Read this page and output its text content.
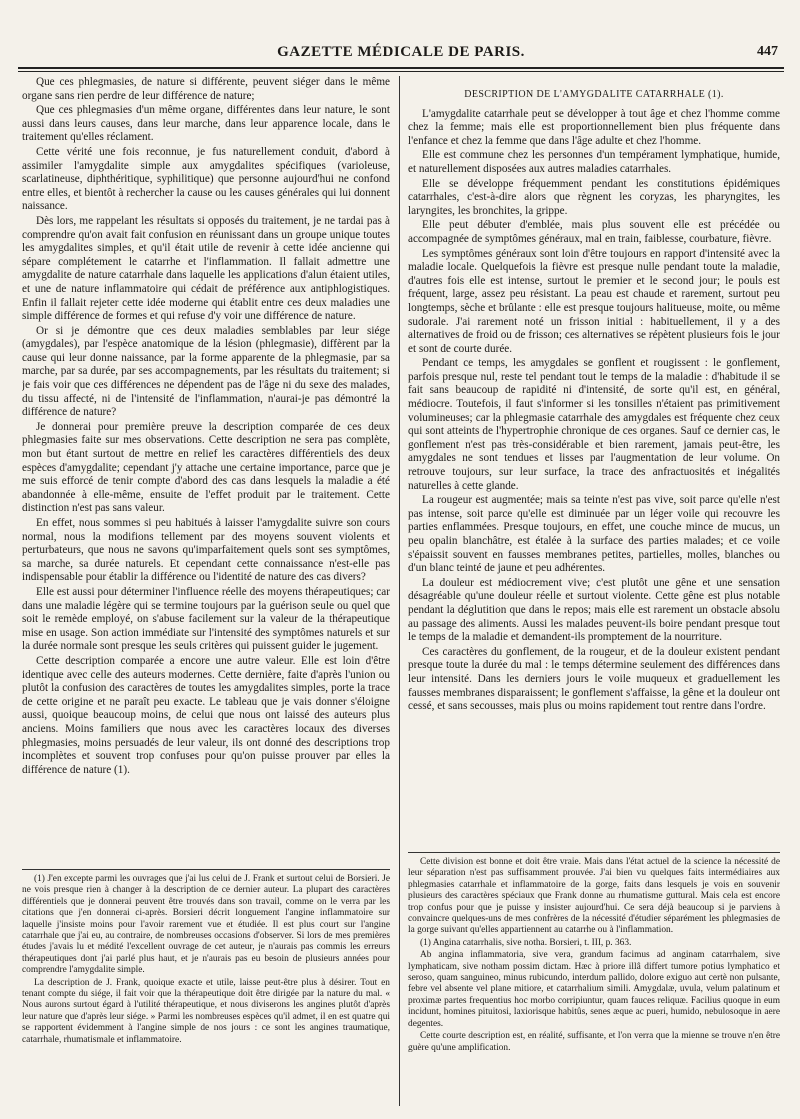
GAZETTE MÉDICALE DE PARIS.	447

Que ces phlegmasies, de nature si différente, peuvent siéger dans le même organe sans rien perdre de leur différence de nature;

Que ces phlegmasies d'un même organe, différentes dans leur nature, le sont aussi dans leurs causes, dans leur marche, dans leur apparence locale, dans le traitement qu'elles réclament.

Cette vérité une fois reconnue, je fus naturellement conduit, d'abord à assimiler l'amygdalite simple aux amygdalites spécifiques (varioleuse, scarlatineuse, diphthéritique, syphilitique) que personne aujourd'hui ne confond entre elles, et bientôt à rechercher la cause ou les causes générales qui lui donnent naissance.

Dès lors, me rappelant les résultats si opposés du traitement, je ne tardai pas à comprendre qu'on avait fait confusion en réunissant dans un groupe unique toutes les amygdalites simples, et qu'il était utile de revenir à cette idée ancienne qui sépare complétement le catarrhe et l'inflammation. Il fallait admettre une amygdalite de nature catarrhale dans laquelle les applications d'alun étaient utiles, et une de nature inflammatoire qui cédait de préférence aux antiphlogistiques. Enfin il fallait rejeter cette idée moderne qui établit entre ces deux maladies une simple différence de formes et qui refuse d'y voir une différence de nature.

Or si je démontre que ces deux maladies semblables par leur siége (amygdales), par l'espèce anatomique de la lésion (phlegmasie), diffèrent par la cause qui leur donne naissance, par la forme apparente de la phlegmasie, par sa marche, par sa durée, par ses accompagnements, par les résultats du traitement; si je fais voir que ces différences ne dépendent pas de l'âge ni du sexe des malades, du tissu affecté, ni de l'intensité de l'inflammation, n'aurai-je pas démontré la différence de nature?

Je donnerai pour première preuve la description comparée de ces deux phlegmasies faite sur mes observations. Cette description ne sera pas complète, mon but étant surtout de mettre en relief les caractères différentiels des deux espèces d'amygdalite; cependant j'y attache une certaine importance, parce que je me suis efforcé de tenir compte d'abord des cas dans lesquels la maladie a été abandonnée à elle-même, ensuite de l'effet produit par le traitement. Cette distinction n'est pas sans valeur.

En effet, nous sommes si peu habitués à laisser l'amygdalite suivre son cours normal, nous la modifions tellement par des moyens souvent violents et perturbateurs, que nous ne savons qu'imparfaitement quels sont ses symptômes, sa marche, sa durée naturels. Et cependant cette connaissance n'est-elle pas indispensable pour établir la différence ou l'identité de nature des cas divers?

Elle est aussi pour déterminer l'influence réelle des moyens thérapeutiques; car dans une maladie légère qui se termine toujours par la guérison seule ou quel que soit le remède employé, on s'abuse facilement sur la valeur de la thérapeutique mise en usage. Son action immédiate sur l'intensité des symptômes naturels et sur la durée normale sont presque les seuls critères qui puissent guider le jugement.

Cette description comparée a encore une autre valeur. Elle est loin d'être identique avec celle des auteurs modernes. Cette dernière, faite d'après l'union ou plutôt la confusion des caractères de toutes les amygdalites simples, porte la trace de cette origine et ne paraît peu exacte. Le tableau que je vais donner s'éloigne aussi, quoique beaucoup moins, de celui que nous ont laissé des auteurs plus anciens. Moins familiers que nous avec les caractères locaux des diverses phlegmasies, moins persuadés de leur valeur, ils ont donné des descriptions trop incomplètes et souvent trop confuses pour qu'on puisse prouver par elles la différence de nature (1).

DESCRIPTION DE L'AMYGDALITE CATARRHALE (1).

L'amygdalite catarrhale peut se développer à tout âge et chez l'homme comme chez la femme; mais elle est proportionnellement bien plus fréquente dans l'enfance et chez la femme que dans l'âge adulte et chez l'homme.

Elle est commune chez les personnes d'un tempérament lymphatique, humide, et naturellement disposées aux autres maladies catarrhales.

Elle se développe fréquemment pendant les constitutions épidémiques catarrhales, c'est-à-dire alors que règnent les coryzas, les pharyngites, les laryngites, les bronchites, la grippe.

Elle peut débuter d'emblée, mais plus souvent elle est précédée ou accompagnée de symptômes généraux, mal en train, faiblesse, courbature, fièvre.

Les symptômes généraux sont loin d'être toujours en rapport d'intensité avec la maladie locale. Quelquefois la fièvre est presque nulle pendant toute la maladie, d'autres fois elle est intense, surtout le premier et le second jour; le pouls est fréquent, large, assez peu résistant. La peau est chaude et rarement, surtout peu longtemps, sèche et brûlante : elle est presque toujours halitueuse, moite, ou même sudorale. J'ai rarement noté un frisson initial : habituellement, il y a des alternatives de froid ou de frisson; ces alternatives se répètent plusieurs fois le jour et sont de courte durée.

Pendant ce temps, les amygdales se gonflent et rougissent : le gonflement, parfois presque nul, reste tel pendant tout le temps de la maladie : d'habitude il se fait sans beaucoup de rapidité ni d'intensité, de sorte qu'il est, en général, médiocre. Toutefois, il faut s'informer si les tonsilles n'étaient pas primitivement volumineuses; car la phlegmasie catarrhale des amygdales est fréquente chez ceux qui sont atteints de l'hypertrophie chronique de ces organes. Sauf ce dernier cas, le gonflement n'est pas très-considérable et bien rarement, jamais peut-être, les amygdales ne sont tendues et lisses par l'augmentation de leur volume. On retrouve toujours, sur leur surface, la trace des anfractuosités et inégalités naturelles à cette glande.

La rougeur est augmentée; mais sa teinte n'est pas vive, soit parce qu'elle n'est pas intense, soit parce qu'elle est diminuée par un léger voile qui recouvre les parties enflammées. Presque toujours, en effet, une couche mince de mucus, un peu opalin blanchâtre, est étalée à la surface des parties malades; et ce voile s'épaissit souvent en fausses membranes petites, partielles, molles, blanches ou d'un blanc teinté de jaune et peu adhérentes.

La douleur est médiocrement vive; c'est plutôt une gêne et une sensation désagréable qu'une douleur réelle et surtout violente. Cette gêne est plus notable pendant la déglutition que dans le repos; mais elle est rarement un obstacle absolu au passage des aliments. Aussi les malades peuvent-ils boire pendant presque tout le temps de la maladie et demandent-ils promptement de la nourriture.

Ces caractères du gonflement, de la rougeur, et de la douleur existent pendant presque toute la durée du mal : le temps détermine seulement des différences dans leur intensité. Dans les derniers jours le voile muqueux et graduellement les fausses membranes disparaissent; le gonflement s'affaisse, la gêne et la douleur ont cessé, et sans secousses, mais plus ou moins rapidement tout rentre dans l'ordre.

(1) J'en excepte parmi les ouvrages que j'ai lus celui de J. Frank et surtout celui de Borsieri. Je ne vois presque rien à changer à la description de ce dernier auteur. La plupart des caractères différentiels que je donnerai peuvent être trouvés dans son travail, comme on le verra par les citations que j'en donnerai ci-après. Borsieri décrit longuement l'angine inflammatoire sur laquelle j'insiste moins pour l'avoir rarement vue et étudiée. Il est plus court sur l'angine catarrhale que j'ai eu, au contraire, de nombreuses occasions d'observer. Si lors de mes premières études j'avais lu et médité l'excellent ouvrage de cet auteur, je n'aurais pas commis les erreurs thérapeutiques dont j'ai parlé plus haut, et je n'aurais pas eu besoin de plusieurs années pour comprendre l'amygdalite simple.

La description de J. Frank, quoique exacte et utile, laisse peut-être plus à désirer. Tout en tenant compte du siége, il fait voir que la thérapeutique doit être dirigée par la nature du mal. « Nous aurons surtout égard à l'utilité thérapeutique, et nous diviserons les angines plutôt d'après leur nature que d'après leur siége. » Parmi les nombreuses espèces qu'il admet, il en est quatre qui se rapportent évidemment à l'angine simple de nos jours : ce sont les angines traumatique, catarrhale, rhumatismale et inflammatoire.

Cette division est bonne et doit être vraie. Mais dans l'état actuel de la science la nécessité de leur séparation n'est pas suffisamment prouvée. J'ai bien vu quelques faits intermédiaires aux phlegmasies catarrhale et inflammatoire de la gorge, faits dans lesquels je vois en souvenir plusieurs des caractères spéciaux que Frank donne au rhumatisme guttural. Mais cela est encore trop confus pour que je puisse y insister aujourd'hui. Ce sera déjà beaucoup si je parviens à convaincre quelques-uns de mes confrères de la nécessité d'étudier séparément les phlegmasies de la gorge suivant qu'elles appartiennent au catarrhe ou à l'inflammation.

(1) Angina catarrhalis, sive notha. Borsieri, t. III, p. 363.

Ab angina inflammatoria, sive vera, grandum facimus ad anginam catarrhalem, sive lymphaticam, sive notham possim dictam. Hæc à priore illâ differt tumore potius lymphatico et seroso, quam sanguineo, minus rubicundo, interdum pallido, dolore exiguo aut certè non pulsante, febre vel absente vel plane mitiore, et catarrhalium simili. Amygdalæ, uvula, velum palatinum et proximæ partes frequentius hoc morbo corripiuntur, quam fauces reliquæ. Facilius quoque in eum incidunt, homines pituitosi, laxiorisque habitûs, senes æque ac pueri, humido, nebulosoque in aere degentes.

Cette courte description est, en réalité, suffisante, et l'on verra que la mienne se trouve n'en être guère qu'une amplification.
